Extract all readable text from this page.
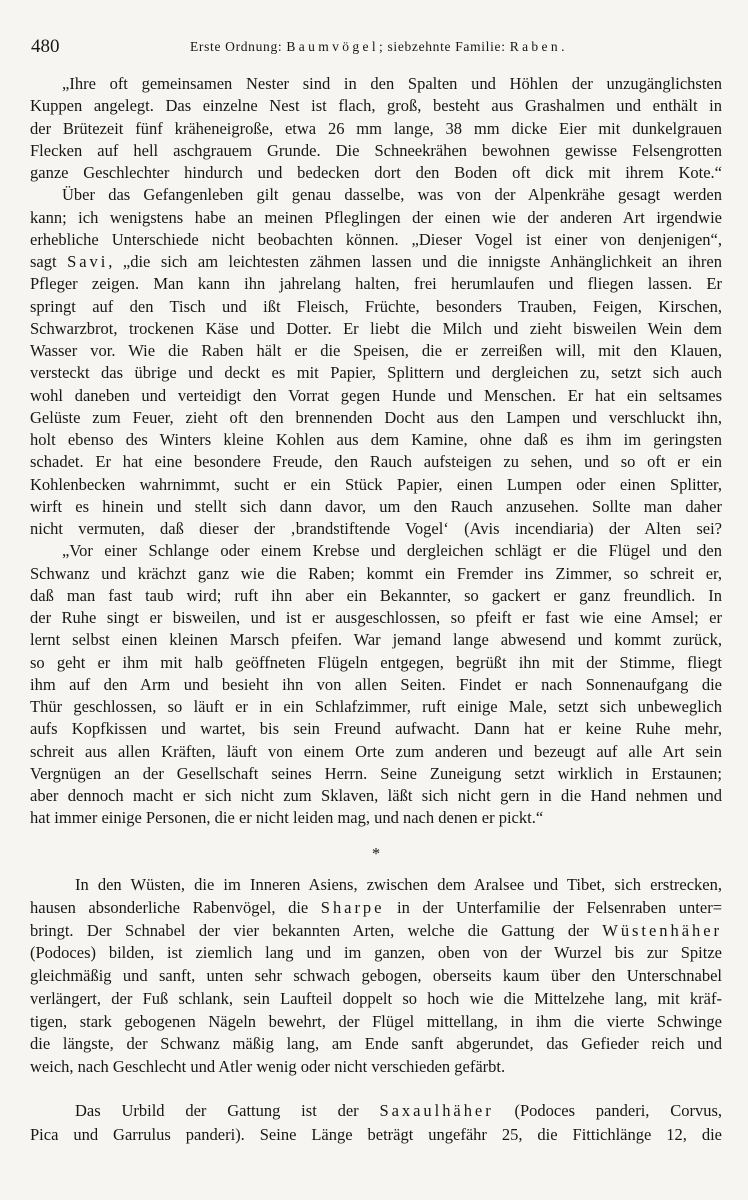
480	Erste Ordnung: Baumvögel; siebzehnte Familie: Raben.
„Ihre oft gemeinsamen Nester sind in den Spalten und Höhlen der unzugänglichsten
Kuppen angelegt. Das einzelne Nest ist flach, groß, besteht aus Grashalmen und enthält in
der Brütezeit fünf kräheneigroße, etwa 26 mm lange, 38 mm dicke Eier mit dunkelgrauen
Flecken auf hell aschgrauem Grunde. Die Schneekrähen bewohnen gewisse Felsengrotten
ganze Geschlechter hindurch und bedecken dort den Boden oft dick mit ihrem Kote.“
Über das Gefangenleben gilt genau dasselbe, was von der Alpenkrähe gesagt werden
kann; ich wenigstens habe an meinen Pfleglingen der einen wie der anderen Art irgendwie
erhebliche Unterschiede nicht beobachten können. „Dieser Vogel ist einer von denjenigen“,
sagt Savi, „die sich am leichtesten zähmen lassen und die innigste Anhänglichkeit an ihren
Pfleger zeigen. Man kann ihn jahrelang halten, frei herumlaufen und fliegen lassen. Er
springt auf den Tisch und ißt Fleisch, Früchte, besonders Trauben, Feigen, Kirschen,
Schwarzbrot, trockenen Käse und Dotter. Er liebt die Milch und zieht bisweilen Wein dem
Wasser vor. Wie die Raben hält er die Speisen, die er zerreißen will, mit den Klauen,
versteckt das übrige und deckt es mit Papier, Splittern und dergleichen zu, setzt sich auch
wohl daneben und verteidigt den Vorrat gegen Hunde und Menschen. Er hat ein seltsames
Gelüste zum Feuer, zieht oft den brennenden Docht aus den Lampen und verschluckt ihn,
holt ebenso des Winters kleine Kohlen aus dem Kamine, ohne daß es ihm im geringsten
schadet. Er hat eine besondere Freude, den Rauch aufsteigen zu sehen, und so oft er ein
Kohlenbecken wahrnimmt, sucht er ein Stück Papier, einen Lumpen oder einen Splitter,
wirft es hinein und stellt sich dann davor, um den Rauch anzusehen. Sollte man daher
nicht vermuten, daß dieser der ‚brandstiftende Vogel‘ (Avis incendiaria) der Alten sei?
„Vor einer Schlange oder einem Krebse und dergleichen schlägt er die Flügel und den
Schwanz und krächzt ganz wie die Raben; kommt ein Fremder ins Zimmer, so schreit er,
daß man fast taub wird; ruft ihn aber ein Bekannter, so gackert er ganz freundlich. In
der Ruhe singt er bisweilen, und ist er ausgeschlossen, so pfeift er fast wie eine Amsel; er
lernt selbst einen kleinen Marsch pfeifen. War jemand lange abwesend und kommt zurück,
so geht er ihm mit halb geöffneten Flügeln entgegen, begrüßt ihn mit der Stimme, fliegt
ihm auf den Arm und besieht ihn von allen Seiten. Findet er nach Sonnenaufgang die
Thür geschlossen, so läuft er in ein Schlafzimmer, ruft einige Male, setzt sich unbeweglich
aufs Kopfkissen und wartet, bis sein Freund aufwacht. Dann hat er keine Ruhe mehr,
schreit aus allen Kräften, läuft von einem Orte zum anderen und bezeugt auf alle Art sein
Vergnügen an der Gesellschaft seines Herrn. Seine Zuneigung setzt wirklich in Erstaunen;
aber dennoch macht er sich nicht zum Sklaven, läßt sich nicht gern in die Hand nehmen und
hat immer einige Personen, die er nicht leiden mag, und nach denen er pickt.“
*
In den Wüsten, die im Inneren Asiens, zwischen dem Aralsee und Tibet, sich erstrecken,
hausen absonderliche Rabenvögel, die Sharpe in der Unterfamilie der Felsenraben unter=
bringt. Der Schnabel der vier bekannten Arten, welche die Gattung der Wüstenhäher
(Podoces) bilden, ist ziemlich lang und im ganzen, oben von der Wurzel bis zur Spitze
gleichmäßig und sanft, unten sehr schwach gebogen, oberseits kaum über den Unterschnabel
verlängert, der Fuß schlank, sein Laufteil doppelt so hoch wie die Mittelzehe lang, mit kräf-
tigen, stark gebogenen Nägeln bewehrt, der Flügel mittellang, in ihm die vierte Schwinge
die längste, der Schwanz mäßig lang, am Ende sanft abgerundet, das Gefieder reich und
weich, nach Geschlecht und Atler wenig oder nicht verschieden gefärbt.
Das Urbild der Gattung ist der Saxaulhäher (Podoces panderi, Corvus,
Pica und Garrulus panderi). Seine Länge beträgt ungefähr 25, die Fittichlänge 12, die
